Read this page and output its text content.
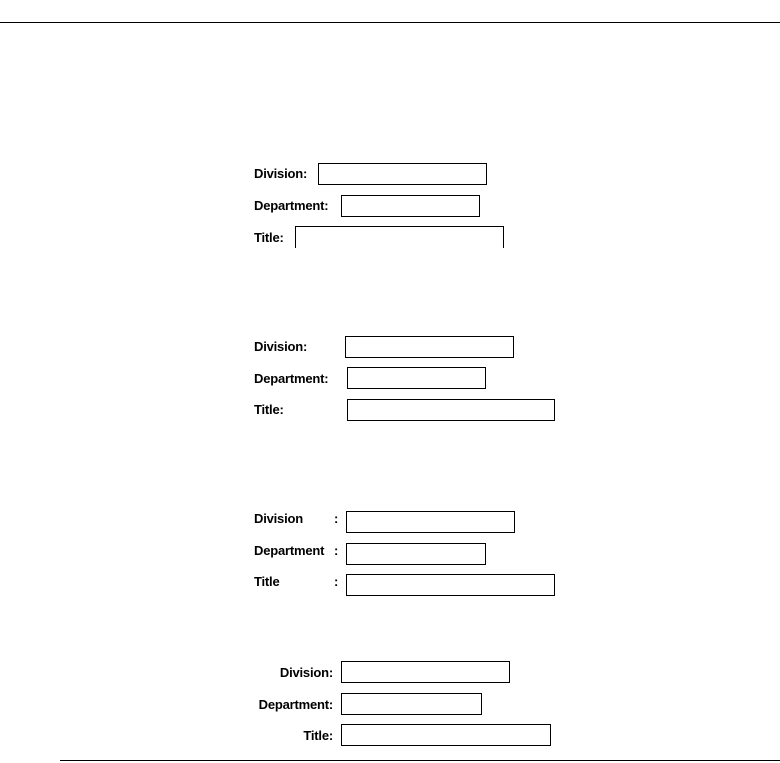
Division:
Department:
Title:
Division:
Department:
Title:
Division :
Department :
Title	:
Division:
Department:
Title:
